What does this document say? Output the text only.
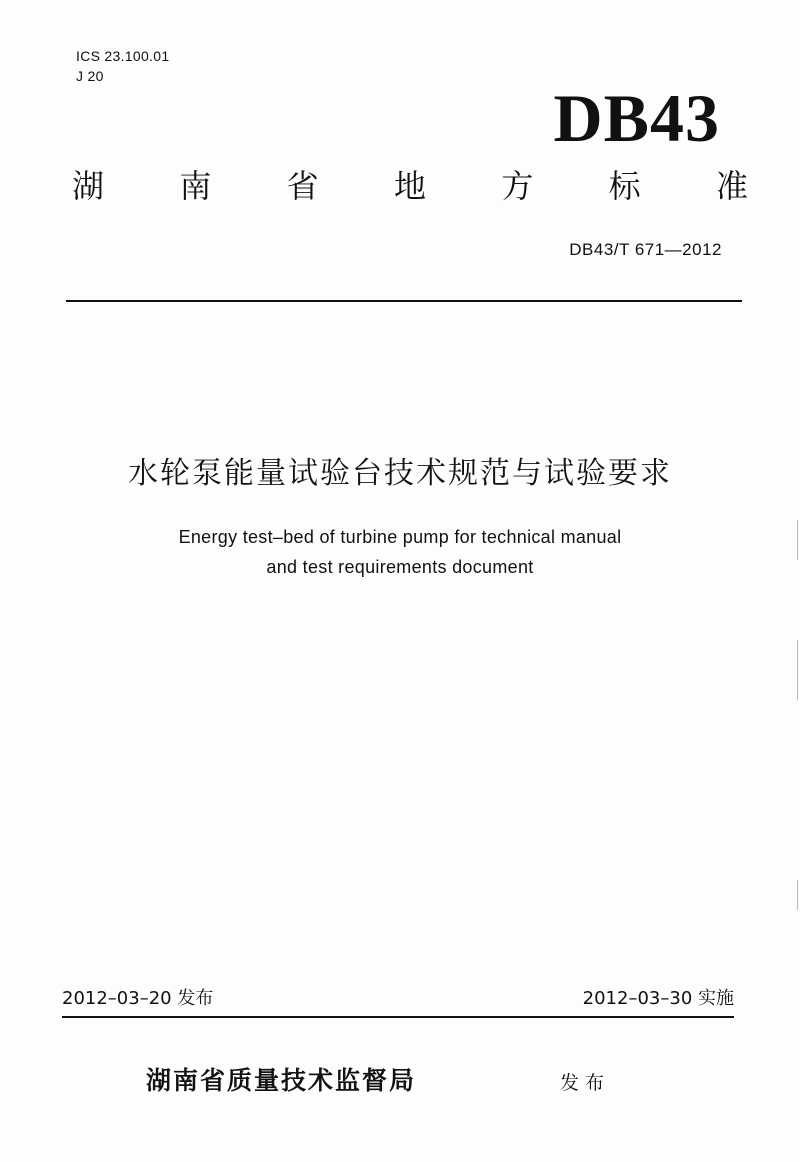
ICS 23.100.01
J 20
DB43
湖 南 省 地 方 标 准
DB43/T 671—2012
水轮泵能量试验台技术规范与试验要求
Energy test–bed of turbine pump for technical manual
and test requirements document
2012–03–20 发布	2012–03–30 实施
湖南省质量技术监督局	发布
